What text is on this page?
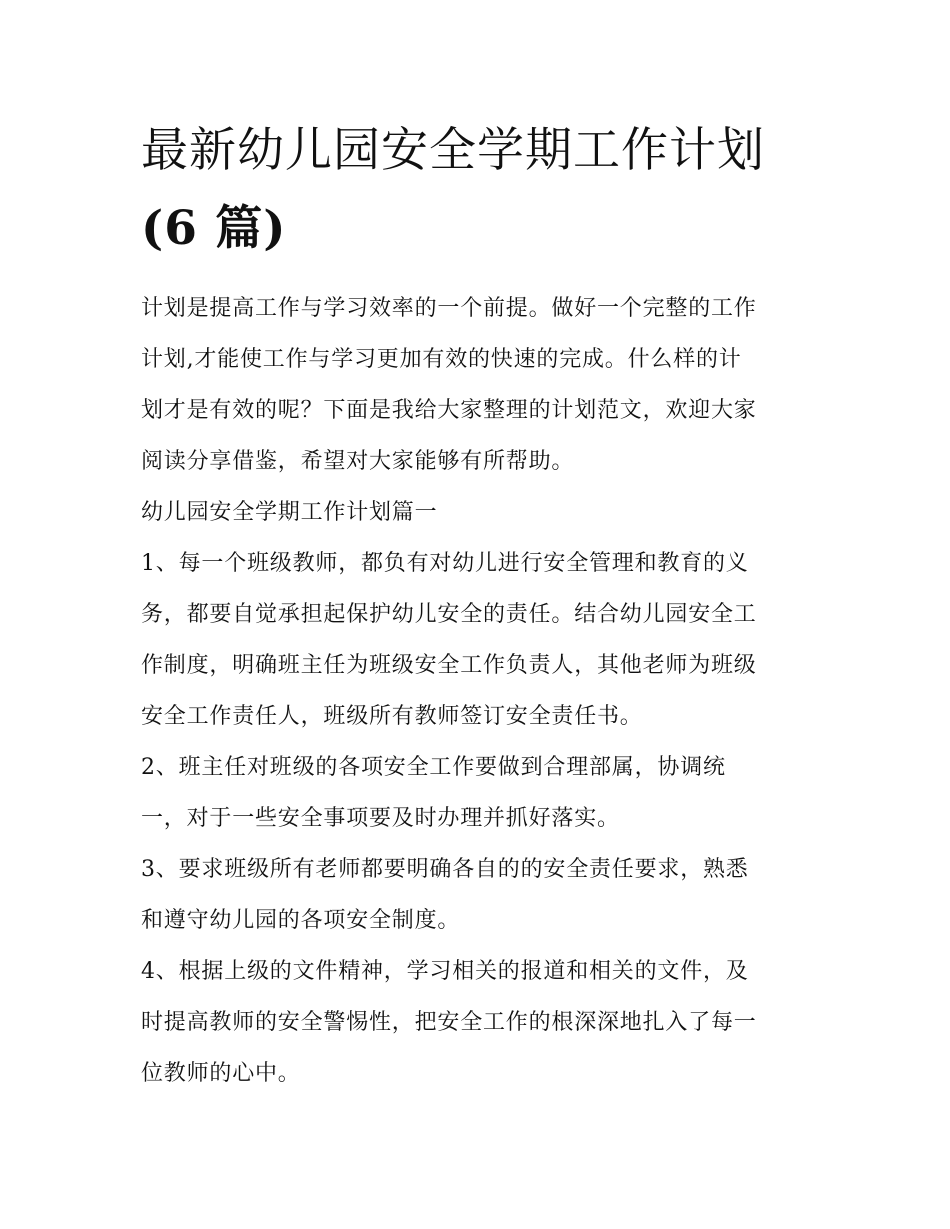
最新幼儿园安全学期工作计划
(6 篇)
计划是提高工作与学习效率的一个前提。做好一个完整的工作
计划,才能使工作与学习更加有效的快速的完成。什么样的计
划才是有效的呢？下面是我给大家整理的计划范文，欢迎大家
阅读分享借鉴，希望对大家能够有所帮助。
幼儿园安全学期工作计划篇一
1、每一个班级教师，都负有对幼儿进行安全管理和教育的义
务，都要自觉承担起保护幼儿安全的责任。结合幼儿园安全工
作制度，明确班主任为班级安全工作负责人，其他老师为班级
安全工作责任人，班级所有教师签订安全责任书。
2、班主任对班级的各项安全工作要做到合理部属，协调统
一，对于一些安全事项要及时办理并抓好落实。
3、要求班级所有老师都要明确各自的的安全责任要求，熟悉
和遵守幼儿园的各项安全制度。
4、根据上级的文件精神，学习相关的报道和相关的文件，及
时提高教师的安全警惕性，把安全工作的根深深地扎入了每一
位教师的心中。
